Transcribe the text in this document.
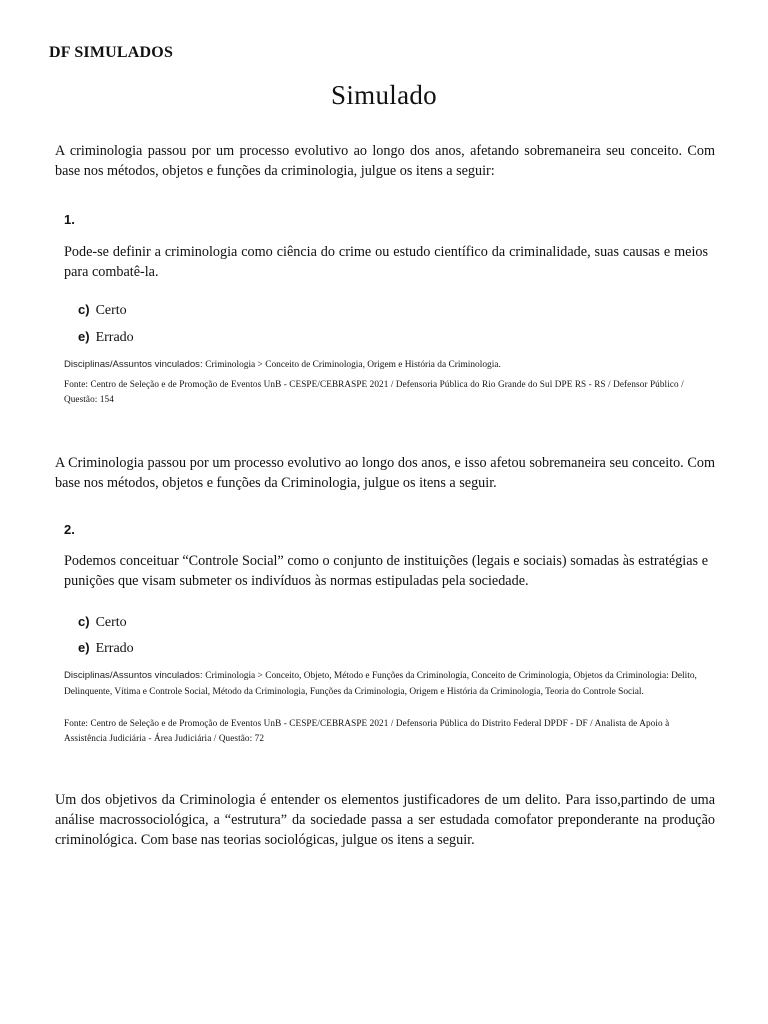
DF SIMULADOS
Simulado
A criminologia passou por um processo evolutivo ao longo dos anos, afetando sobremaneira seu conceito. Com base nos métodos, objetos e funções da criminologia, julgue os itens a seguir:
1.
Pode-se definir a criminologia como ciência do crime ou estudo científico da criminalidade, suas causas e meios para combatê-la.
c) Certo
e) Errado
Disciplinas/Assuntos vinculados: Criminologia > Conceito de Criminologia, Origem e História da Criminologia.
Fonte: Centro de Seleção e de Promoção de Eventos UnB - CESPE/CEBRASPE 2021 / Defensoria Pública do Rio Grande do Sul DPE RS - RS / Defensor Público / Questão: 154
A Criminologia passou por um processo evolutivo ao longo dos anos, e isso afetou sobremaneira seu conceito. Com base nos métodos, objetos e funções da Criminologia, julgue os itens a seguir.
2.
Podemos conceituar “Controle Social” como o conjunto de instituições (legais e sociais) somadas às estratégias e punições que visam submeter os indivíduos às normas estipuladas pela sociedade.
c) Certo
e) Errado
Disciplinas/Assuntos vinculados: Criminologia > Conceito, Objeto, Método e Funções da Criminologia, Conceito de Criminologia, Objetos da Criminologia: Delito, Delinquente, Vítima e Controle Social, Método da Criminologia, Funções da Criminologia, Origem e História da Criminologia, Teoria do Controle Social.
Fonte: Centro de Seleção e de Promoção de Eventos UnB - CESPE/CEBRASPE 2021 / Defensoria Pública do Distrito Federal DPDF - DF / Analista de Apoio à Assistência Judiciária - Área Judiciária / Questão: 72
Um dos objetivos da Criminologia é entender os elementos justificadores de um delito. Para isso,partindo de uma análise macrossociológica, a “estrutura” da sociedade passa a ser estudada comofator preponderante na produção criminológica. Com base nas teorias sociológicas, julgue os itens a seguir.
